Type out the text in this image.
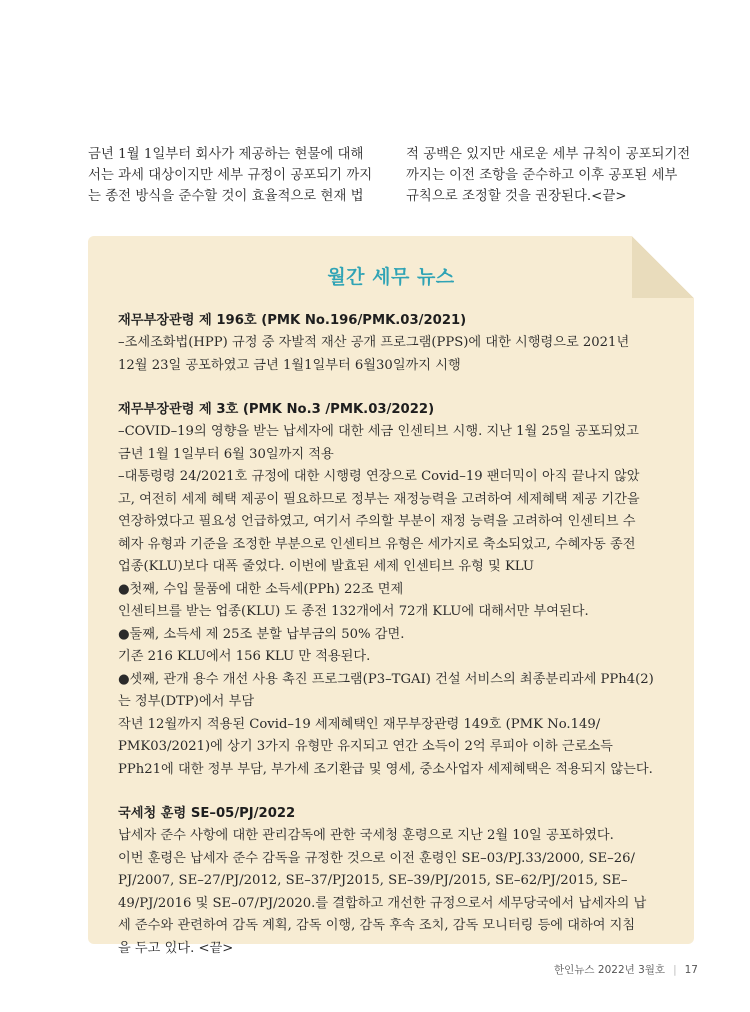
금년 1월 1일부터 회사가 제공하는 현물에 대해

서는 과세 대상이지만 세부 규정이 공포되기 까지

는 종전 방식을 준수할 것이 효율적으로 현재 법

적 공백은 있지만 새로운 세부 규칙이 공포되기전

까지는 이전 조항을 준수하고 이후 공포된 세부

규칙으로 조정할 것을 권장된다.<끝>

월간 세무 뉴스
재무부장관령 제 196호 (PMK No.196/PMK.03/2021)
–조세조화법(HPP) 규정 중 자발적 재산 공개 프로그램(PPS)에 대한 시행령으로 2021년
12월 23일 공포하였고 금년 1월1일부터 6월30일까지 시행
재무부장관령 제 3호 (PMK No.3 /PMK.03/2022)
–COVID–19의 영향을 받는 납세자에 대한 세금 인센티브 시행. 지난 1월 25일 공포되었고
금년 1월 1일부터 6월 30일까지 적용
–대통령령 24/2021호 규정에 대한 시행령 연장으로 Covid–19 팬더믹이 아직 끝나지 않았
고, 여전히 세제 혜택 제공이 필요하므로 정부는 재정능력을 고려하여 세제혜택 제공 기간을
연장하였다고 필요성 언급하였고, 여기서 주의할 부분이 재정 능력을 고려하여 인센티브 수
혜자 유형과 기준을 조정한 부분으로 인센티브 유형은 세가지로 축소되었고, 수혜자동 종전
업종(KLU)보다 대폭 줄었다. 이번에 발효된 세제 인센티브 유형 및 KLU
●첫째, 수입 물품에 대한 소득세(PPh) 22조 면제
인센티브를 받는 업종(KLU) 도 종전 132개에서 72개 KLU에 대해서만 부여된다.
●둘째, 소득세 제 25조 분할 납부금의 50% 감면.
기존 216 KLU에서 156 KLU 만 적용된다.
●셋째, 관개 용수 개선 사용 촉진 프로그램(P3–TGAI) 건설 서비스의 최종분리과세 PPh4(2)
는 정부(DTP)에서 부담
작년 12월까지 적용된 Covid–19 세제혜택인 재무부장관령 149호 (PMK No.149/
PMK03/2021)에 상기 3가지 유형만 유지되고 연간 소득이 2억 루피아 이하 근로소득
PPh21에 대한 정부 부담, 부가세 조기환급 및 영세, 중소사업자 세제혜택은 적용되지 않는다.
국세청 훈령 SE–05/PJ/2022
납세자 준수 사항에 대한 관리감독에 관한 국세청 훈령으로 지난 2월 10일 공포하였다.
이번 훈령은 납세자 준수 감독을 규정한 것으로 이전 훈령인 SE–03/PJ.33/2000, SE–26/
PJ/2007, SE–27/PJ/2012, SE–37/PJ2015, SE–39/PJ/2015, SE–62/PJ/2015, SE–
49/PJ/2016 및 SE–07/PJ/2020.를 결합하고 개선한 규정으로서 세무당국에서 납세자의 납
세 준수와 관련하여 감독 계획, 감독 이행, 감독 후속 조치, 감독 모니터링 등에 대하여 지침
을 두고 있다. <끝>
한인뉴스 2022년 3월호 | 17
